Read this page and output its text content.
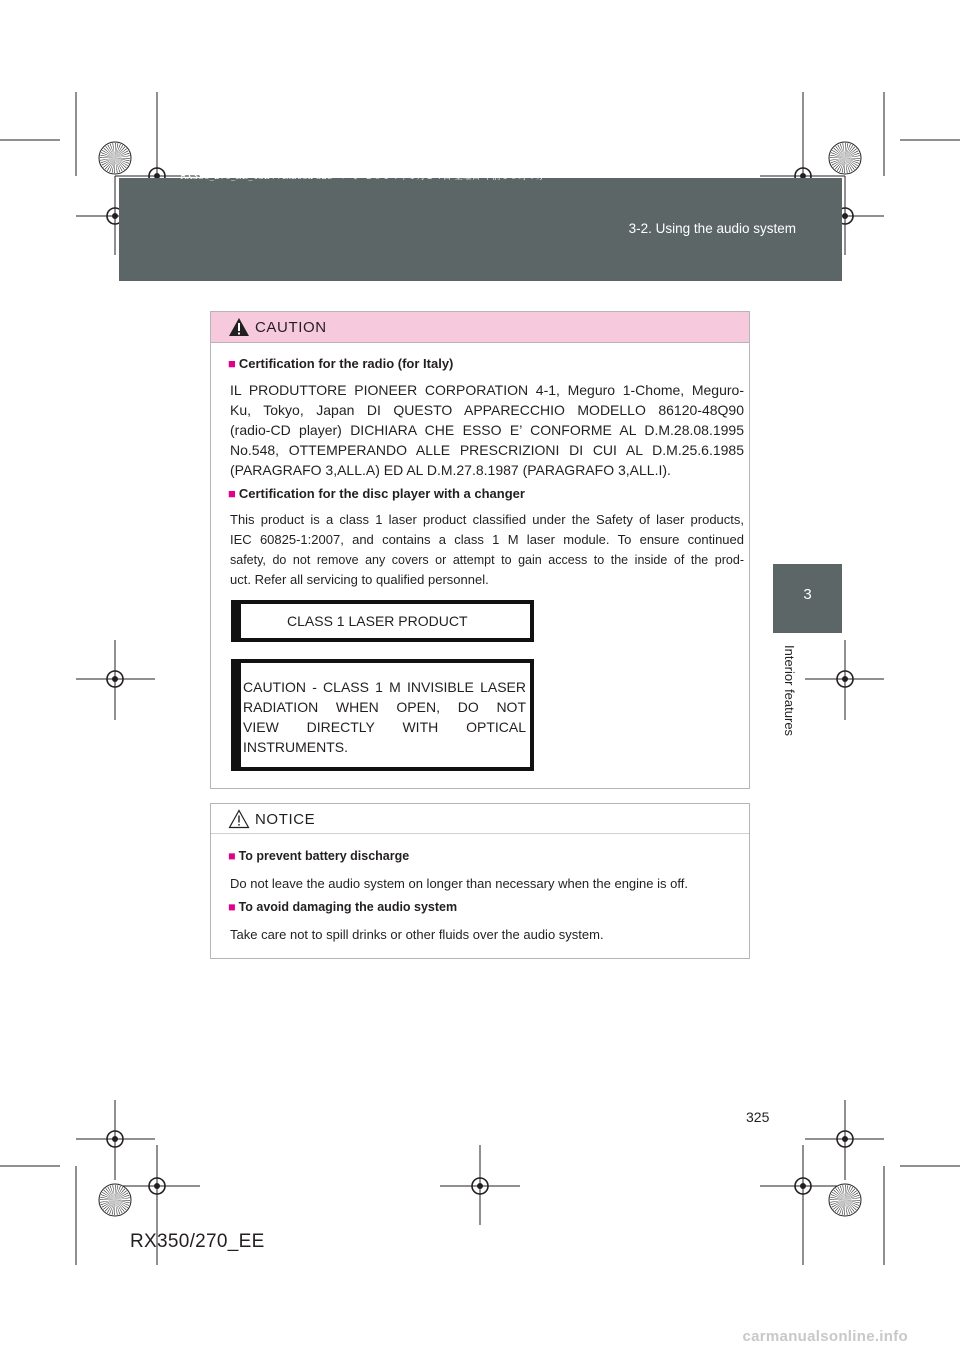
RX350_270_EE_48D77E.book 325 ページ ２０１４年１月２４日 金曜日 午前１０時４分
3-2. Using the audio system
3
Interior features
CAUTION
■ Certification for the radio (for Italy)
IL PRODUTTORE PIONEER CORPORATION 4-1, Meguro 1-Chome, Meguro-
Ku, Tokyo, Japan DI QUESTO APPARECCHIO MODELLO 86120-48Q90
(radio-CD player) DICHIARA CHE ESSO E’ CONFORME AL D.M.28.08.1995
No.548, OTTEMPERANDO ALLE PRESCRIZIONI DI CUI AL D.M.25.6.1985
(PARAGRAFO 3,ALL.A) ED AL D.M.27.8.1987 (PARAGRAFO 3,ALL.I).
■ Certification for the disc player with a changer
This product is a class 1 laser product classified under the Safety of laser products,
IEC 60825-1:2007, and contains a class 1 M laser module. To ensure continued
safety, do not remove any covers or attempt to gain access to the inside of the prod-
uct. Refer all servicing to qualified personnel.
CLASS 1 LASER PRODUCT
CAUTION - CLASS 1 M INVISIBLE LASER
RADIATION WHEN OPEN, DO NOT
VIEW DIRECTLY WITH OPTICAL
INSTRUMENTS.
NOTICE
■ To prevent battery discharge
Do not leave the audio system on longer than necessary when the engine is off.
■ To avoid damaging the audio system
Take care not to spill drinks or other fluids over the audio system.
325
RX350/270_EE
carmanualsonline.info
